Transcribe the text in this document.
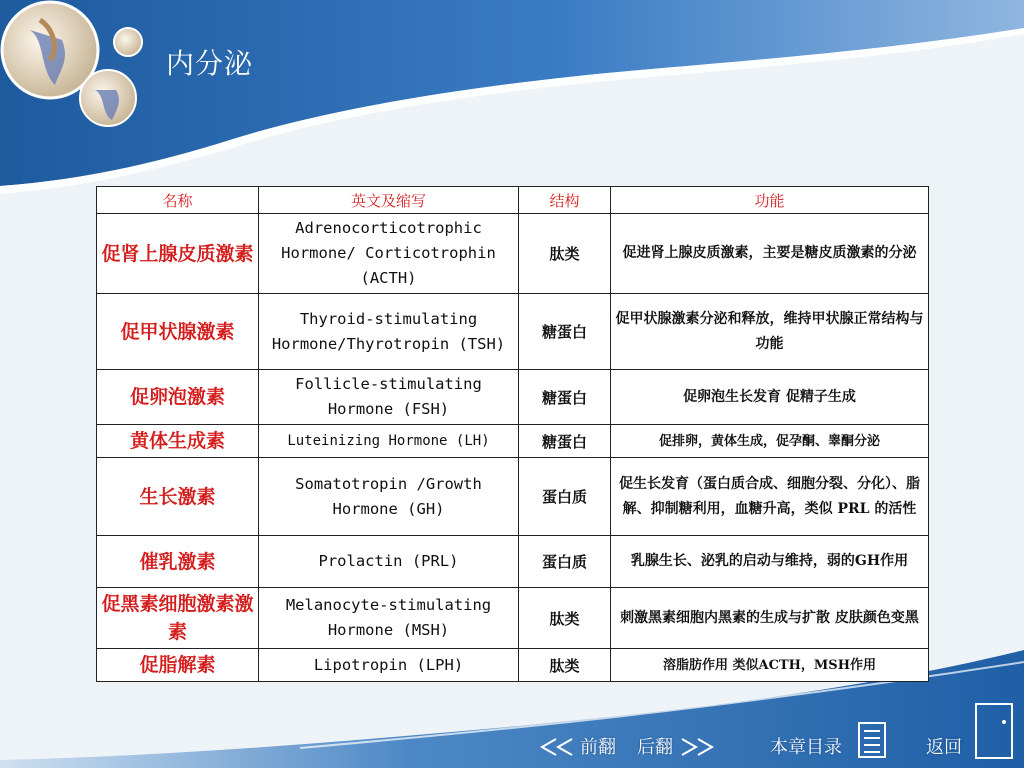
内分泌
名称	英文及缩写	结构	功能
促肾上腺皮质激素	Adrenocorticotrophic Hormone/ Corticotrophin (ACTH)	肽类	促进肾上腺皮质激素，主要是糖皮质激素的分泌
促甲状腺激素	Thyroid-stimulating Hormone/Thyrotropin (TSH)	糖蛋白	促甲状腺激素分泌和释放，维持甲状腺正常结构与功能
促卵泡激素	Follicle-stimulating Hormone (FSH)	糖蛋白	促卵泡生长发育 促精子生成
黄体生成素	Luteinizing Hormone (LH)	糖蛋白	促排卵，黄体生成，促孕酮、睾酮分泌
生长激素	Somatotropin /Growth Hormone (GH)	蛋白质	促生长发育（蛋白质合成、细胞分裂、分化）、脂解、抑制糖利用，血糖升高，类似 PRL 的活性
催乳激素	Prolactin (PRL)	蛋白质	乳腺生长、泌乳的启动与维持，弱的GH作用
促黑素细胞激素激素	Melanocyte-stimulating Hormone (MSH)	肽类	刺激黑素细胞内黑素的生成与扩散 皮肤颜色变黑
促脂解素	Lipotropin (LPH)	肽类	溶脂肪作用 类似ACTH，MSH作用
前翻 后翻	本章目录	返回
